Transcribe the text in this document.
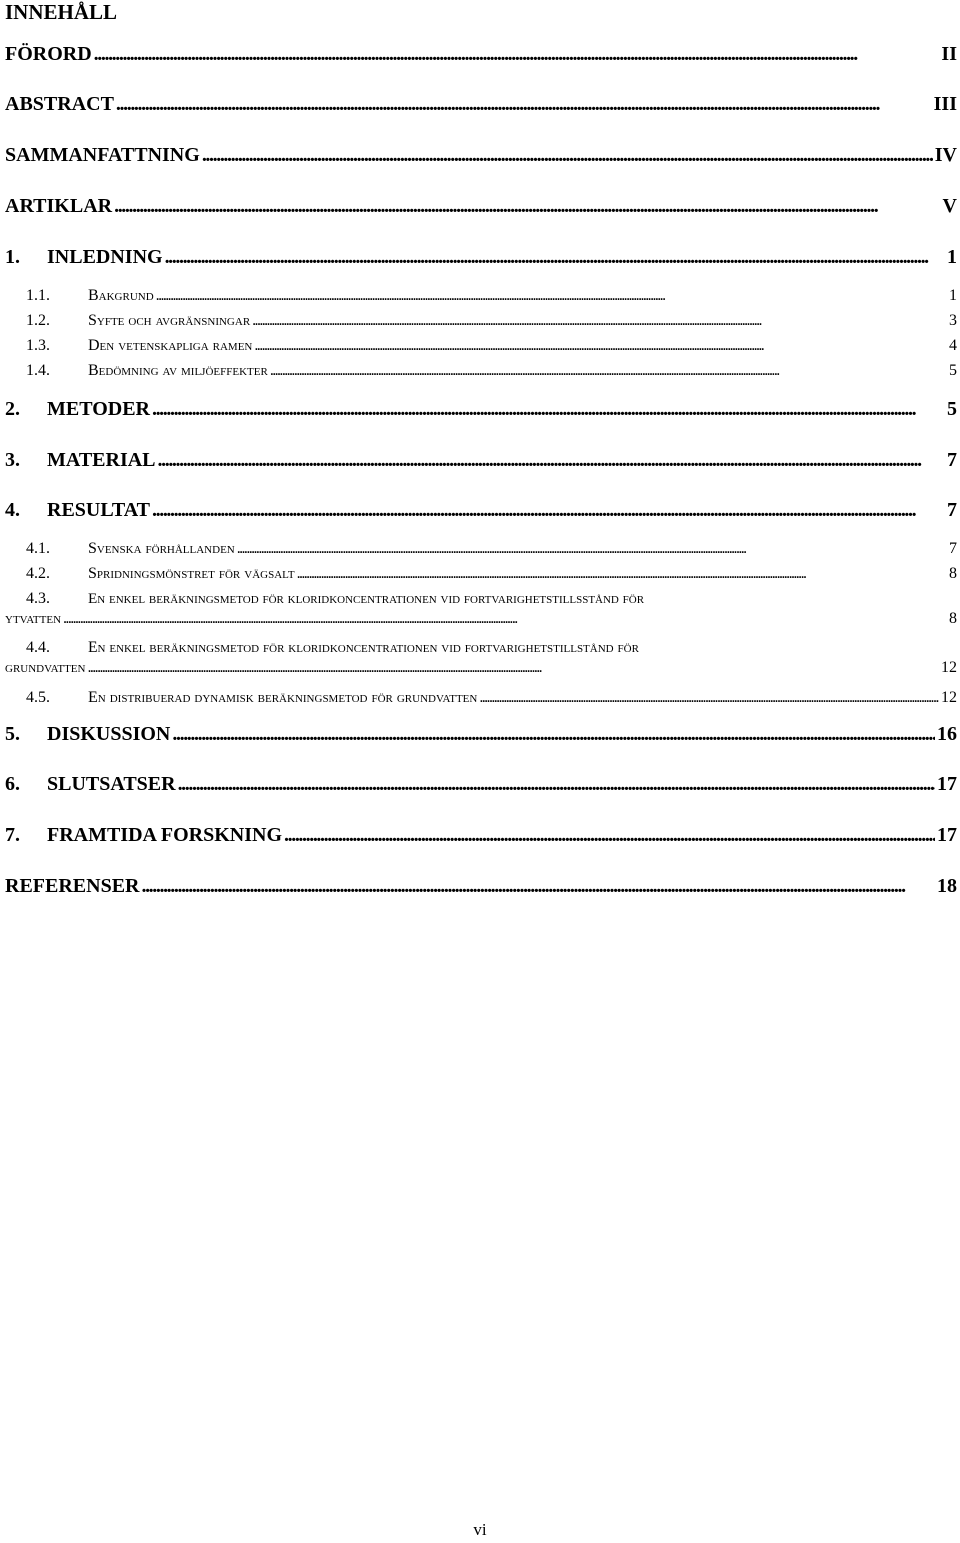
INNEHÅLL
FÖRORD . . .	II
ABSTRACT . . .	III
SAMMANFATTNING . . .	IV
ARTIKLAR . . .	V
1.	INLEDNING . . .	1
1.1.	Bakgrund . . .	1
1.2.	Syfte och avgränsningar . . .	3
1.3.	Den vetenskapliga ramen . . .	4
1.4.	Bedömning av miljöeffekter . . .	5
2.	METODER . . .	5
3.	MATERIAL . . .	7
4.	RESULTAT . . .	7
4.1.	Svenska förhållanden . . .	7
4.2.	Spridningsmönstret för vägsalt . . .	8
4.3.	En enkel beräkningsmetod för kloridkoncentrationen vid fortvarighetstillsstånd för
ytvatten . . .	8
4.4.	En enkel beräkningsmetod för kloridkoncentrationen vid fortvarighetstillstånd för
grundvatten . . .	12
4.5.	En distribuerad dynamisk beräkningsmetod för grundvatten . . .	12
5.	DISKUSSION . . .	16
6.	SLUTSATSER . . .	17
7.	FRAMTIDA FORSKNING . . .	17
REFERENSER . . .	18
vi
